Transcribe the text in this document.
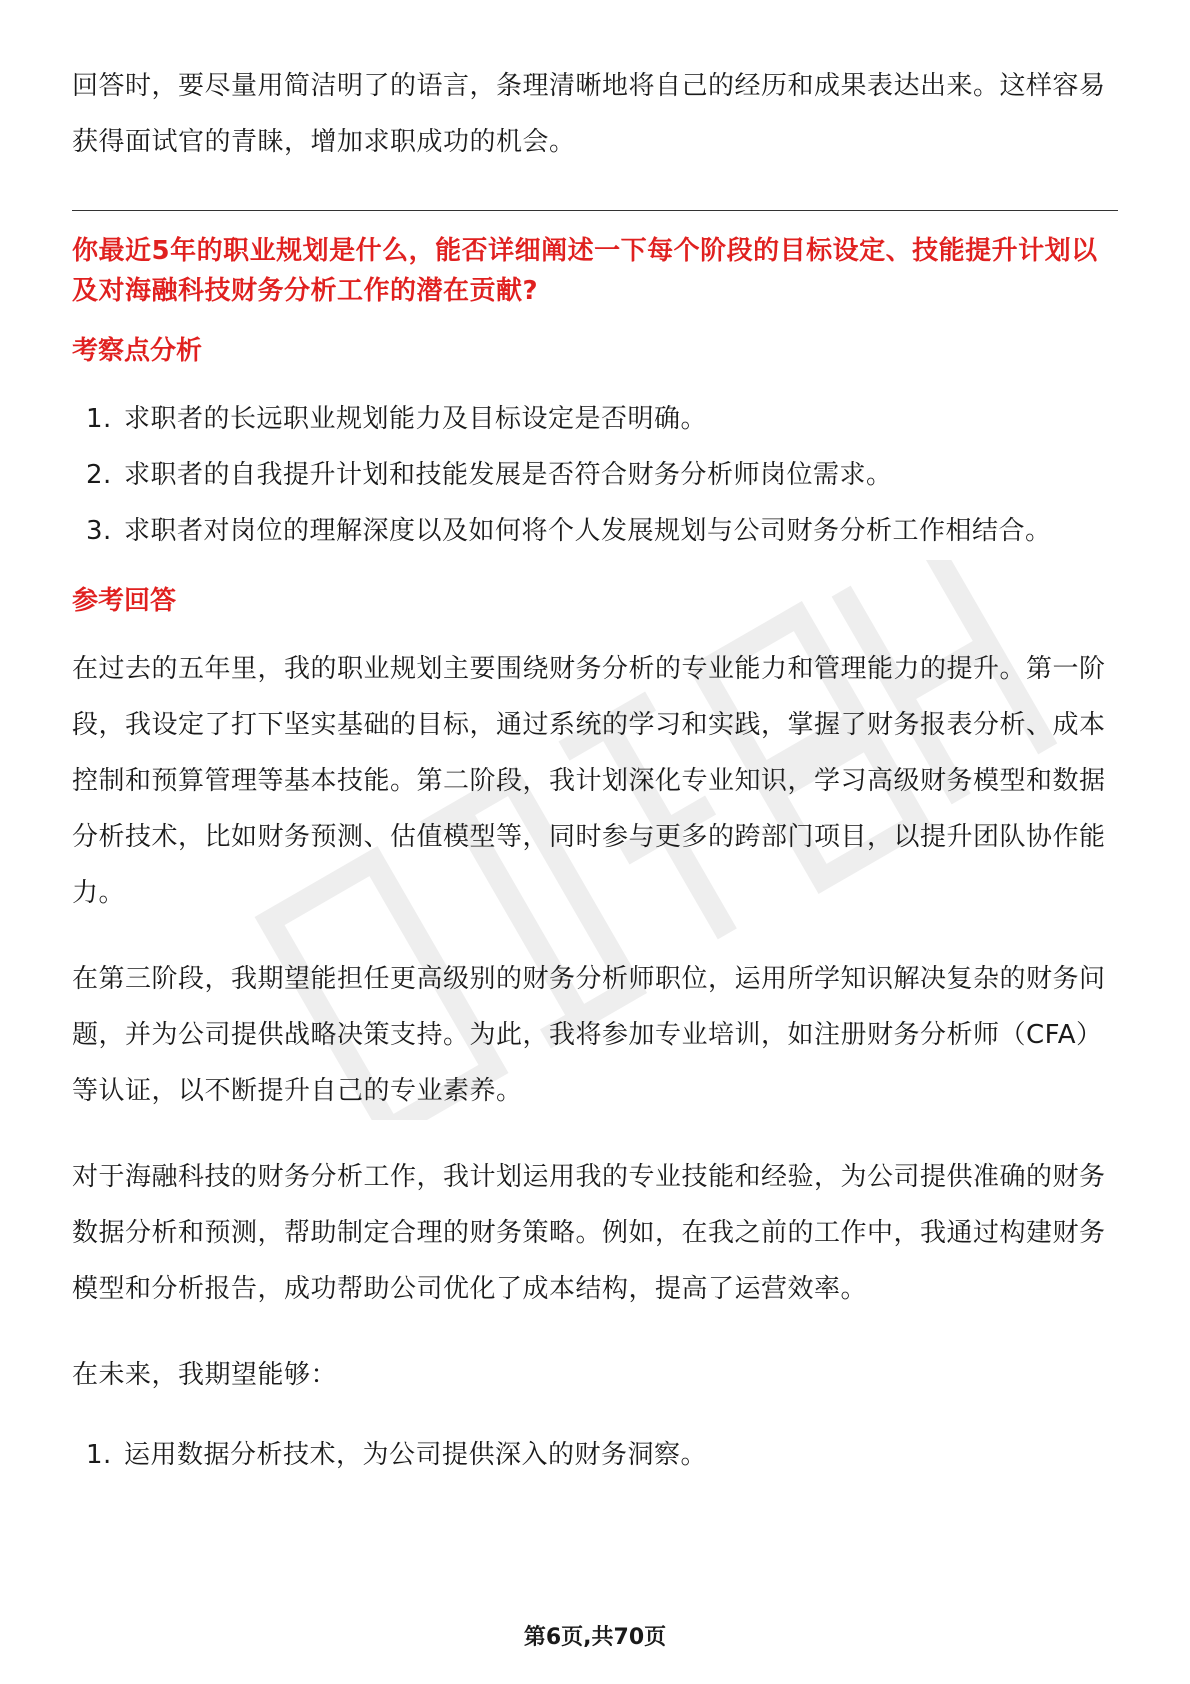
回答时，要尽量用简洁明了的语言，条理清晰地将自己的经历和成果表达出来。这样容易获得面试官的青睐，增加求职成功的机会。

你最近5年的职业规划是什么，能否详细阐述一下每个阶段的目标设定、技能提升计划以及对海融科技财务分析工作的潜在贡献?

考察点分析
1. 求职者的长远职业规划能力及目标设定是否明确。
2. 求职者的自我提升计划和技能发展是否符合财务分析师岗位需求。
3. 求职者对岗位的理解深度以及如何将个人发展规划与公司财务分析工作相结合。
参考回答

在过去的五年里，我的职业规划主要围绕财务分析的专业能力和管理能力的提升。第一阶段，我设定了打下坚实基础的目标，通过系统的学习和实践，掌握了财务报表分析、成本控制和预算管理等基本技能。第二阶段，我计划深化专业知识，学习高级财务模型和数据分析技术，比如财务预测、估值模型等，同时参与更多的跨部门项目，以提升团队协作能力。

在第三阶段，我期望能担任更高级别的财务分析师职位，运用所学知识解决复杂的财务问题，并为公司提供战略决策支持。为此，我将参加专业培训，如注册财务分析师（CFA）等认证，以不断提升自己的专业素养。

对于海融科技的财务分析工作，我计划运用我的专业技能和经验，为公司提供准确的财务数据分析和预测，帮助制定合理的财务策略。例如，在我之前的工作中，我通过构建财务模型和分析报告，成功帮助公司优化了成本结构，提高了运营效率。

在未来，我期望能够：

1. 运用数据分析技术，为公司提供深入的财务洞察。
第6页,共70页
